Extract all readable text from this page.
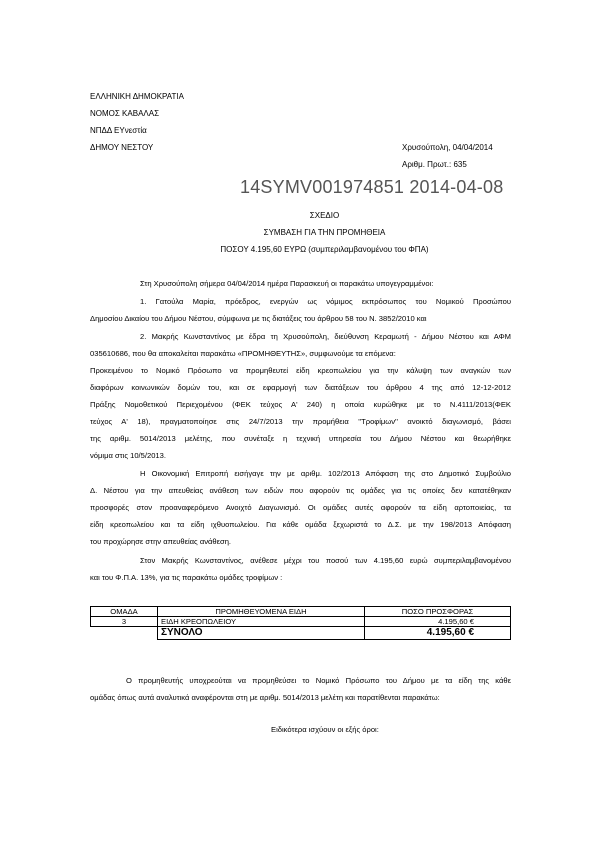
ΕΛΛΗΝΙΚΗ ΔΗΜΟΚΡΑΤΙΑ
ΝΟΜΟΣ ΚΑΒΑΛΑΣ
ΝΠΔΔ ΕΥνεστία
ΔΗΜΟΥ ΝΕΣΤΟΥ	Χρυσούπολη, 04/04/2014
Αριθμ. Πρωτ.: 635
14SYMV001974851 2014-04-08
ΣΧΕΔΙΟ
ΣΥΜΒΑΣΗ ΓΙΑ ΤΗΝ ΠΡΟΜΗΘΕΙΑ
ΠΟΣΟΥ 4.195,60 ΕΥΡΩ (συμπεριλαμβανομένου του ΦΠΑ)
Στη Χρυσούπολη σήμερα 04/04/2014 ημέρα Παρασκευή οι παρακάτω υπογεγραμμένοι:
1. Γατούλα Μαρία, πρόεδρος, ενεργών ως νόμιμος εκπρόσωπος του Νομικού Προσώπου
Δημοσίου Δικαίου του Δήμου Νέστου, σύμφωνα με τις διατάξεις του άρθρου 58 του Ν. 3852/2010 και
2. Μακρής Κωνσταντίνος με έδρα τη Χρυσούπολη, διεύθυνση Κεραμωτή - Δήμου Νέστου και ΑΦΜ
035610686, που θα αποκαλείται παρακάτω «ΠΡΟΜΗΘΕΥΤΗΣ», συμφωνούμε τα επόμενα:
Προκειμένου το Νομικό Πρόσωπο να προμηθευτεί είδη κρεοπωλείου για την κάλυψη των αναγκών των
διαφόρων κοινωνικών δομών του, και σε εφαρμογή των διατάξεων του άρθρου 4 της από 12-12-2012
Πράξης Νομοθετικού Περιεχομένου (ΦΕΚ τεύχος Α' 240) η οποία κυρώθηκε με το Ν.4111/2013(ΦΕΚ
τεύχος Α' 18), πραγματοποίησε στις 24/7/2013 την προμήθεια ''Τροφίμων'' ανοικτό διαγωνισμό, βάσει
της αριθμ. 5014/2013 μελέτης, που συνέταξε η τεχνική υπηρεσία του Δήμου Νέστου και θεωρήθηκε
νόμιμα στις 10/5/2013.
Η Οικονομική Επιτροπή εισήγαγε την με αριθμ. 102/2013 Απόφαση της στο Δημοτικό Συμβούλιο
Δ. Νέστου για την απευθείας ανάθεση των ειδών που αφορούν τις ομάδες για τις οποίες δεν κατατέθηκαν
προσφορές στον προαναφερόμενο Ανοιχτό Διαγωνισμό. Οι ομάδες αυτές αφορούν τα είδη αρτοποιείας, τα
είδη κρεοπωλείου και τα είδη ιχθυοπωλείου. Για κάθε ομάδα ξεχωριστά το Δ.Σ. με την 198/2013 Απόφαση
του προχώρησε στην απευθείας ανάθεση.
Στον Μακρής Κωνσταντίνος, ανέθεσε μέχρι του ποσού των 4.195,60 ευρώ συμπεριλαμβανομένου
και του Φ.Π.Α. 13%, για τις παρακάτω ομάδες τροφίμων :
ΟΜΑΔΑ	ΠΡΟΜΗΘΕΥΟΜΕΝΑ ΕΙΔΗ	ΠΟΣΟ ΠΡΟΣΦΟΡΑΣ
3	ΕΙΔΗ ΚΡΕΟΠΩΛΕΙΟΥ	4.195,60 €
	ΣΥΝΟΛΟ	4.195,60 €
Ο προμηθευτής υποχρεούται να προμηθεύσει το Νομικό Πρόσωπο του Δήμου με τα είδη της κάθε
ομάδας όπως αυτά αναλυτικά αναφέρονται στη με αριθμ. 5014/2013 μελέτη και παρατίθενται παρακάτω:
Ειδικότερα ισχύουν οι εξής όροι:
